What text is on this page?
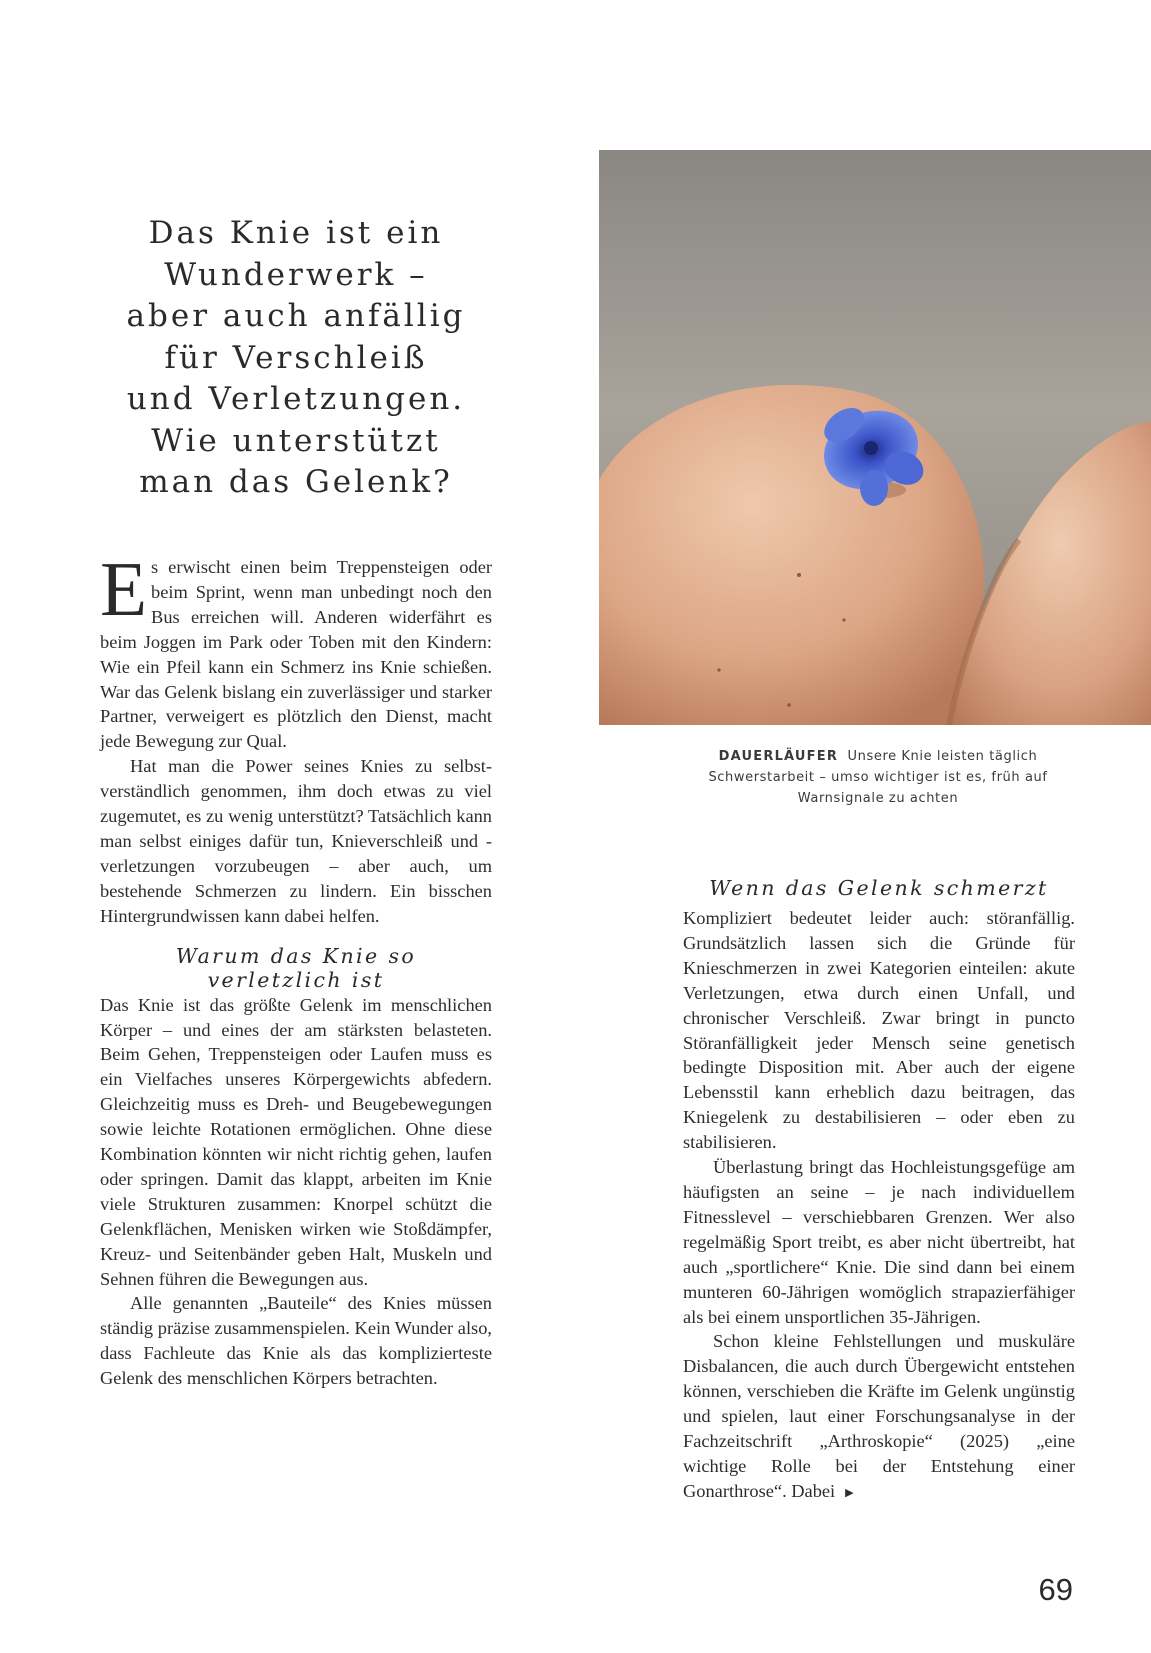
Das Knie ist ein
Wunderwerk –
aber auch anfällig
für Verschleiß
und Verletzungen.
Wie unterstützt
man das Gelenk?

Es erwischt einen beim Treppensteigen oder beim Sprint, wenn man unbedingt noch den Bus erreichen will. Anderen widerfährt es beim Joggen im Park oder Toben mit den Kindern: Wie ein Pfeil kann ein Schmerz ins Knie schießen. War das Gelenk bislang ein zuverlässiger und starker Partner, verweigert es plötzlich den Dienst, macht jede Bewegung zur Qual.

Hat man die Power seines Knies zu selbstverständlich genommen, ihm doch etwas zu viel zugemutet, es zu wenig unterstützt? Tatsächlich kann man selbst einiges dafür tun, Knieverschleiß und -verletzungen vorzubeugen – aber auch, um bestehende Schmerzen zu lindern. Ein bisschen Hintergrundwissen kann dabei helfen.

Warum das Knie so
verletzlich ist

Das Knie ist das größte Gelenk im menschlichen Körper – und eines der am stärksten belasteten. Beim Gehen, Treppensteigen oder Laufen muss es ein Vielfaches unseres Körpergewichts abfedern. Gleichzeitig muss es Dreh- und Beugebewegungen sowie leichte Rotationen ermöglichen. Ohne diese Kombination könnten wir nicht richtig gehen, laufen oder springen. Damit das klappt, arbeiten im Knie viele Strukturen zusammen: Knorpel schützt die Gelenkflächen, Menisken wirken wie Stoßdämpfer, Kreuz- und Seitenbänder geben Halt, Muskeln und Sehnen führen die Bewegungen aus.

Alle genannten „Bauteile“ des Knies müssen ständig präzise zusammenspielen. Kein Wunder also, dass Fachleute das Knie als das komplizierteste Gelenk des menschlichen Körpers betrachten.

DAUERLÄUFER Unsere Knie leisten täglich
Schwerstarbeit – umso wichtiger ist es, früh auf
Warnsignale zu achten
Wenn das Gelenk schmerzt

Kompliziert bedeutet leider auch: störanfällig. Grundsätzlich lassen sich die Gründe für Knieschmerzen in zwei Kategorien einteilen: akute Verletzungen, etwa durch einen Unfall, und chronischer Verschleiß. Zwar bringt in puncto Störanfälligkeit jeder Mensch seine genetisch bedingte Disposition mit. Aber auch der eigene Lebensstil kann erheblich dazu beitragen, das Kniegelenk zu destabilisieren – oder eben zu stabilisieren.

Überlastung bringt das Hochleistungsgefüge am häufigsten an seine – je nach individuellem Fitnesslevel – verschiebbaren Grenzen. Wer also regelmäßig Sport treibt, es aber nicht übertreibt, hat auch „sportlichere“ Knie. Die sind dann bei einem munteren 60-Jährigen womöglich strapazierfähiger als bei einem unsportlichen 35-Jährigen.

Schon kleine Fehlstellungen und muskuläre Disbalancen, die auch durch Übergewicht entstehen können, verschieben die Kräfte im Gelenk ungünstig und spielen, laut einer Forschungsanalyse in der Fachzeitschrift „Arthroskopie“ (2025) „eine wichtige Rolle bei der Entstehung einer Gonarthrose“. Dabei ▶

69
